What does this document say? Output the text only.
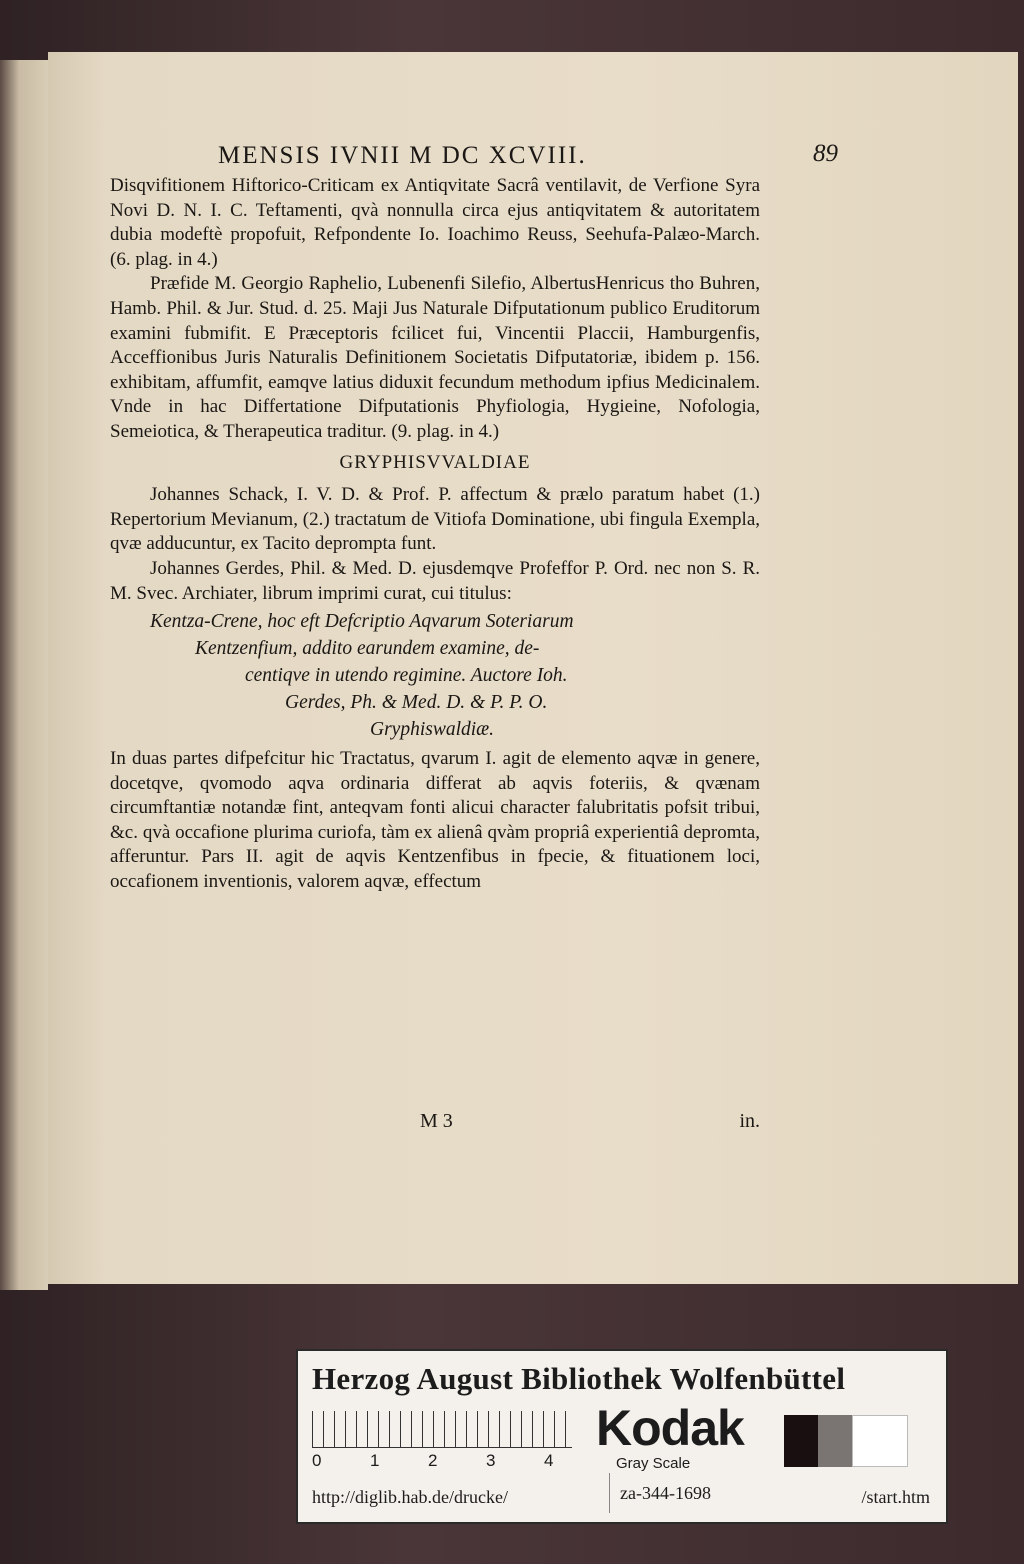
MENSIS IVNII M DC XCVIII.	89

Disqvifitionem Hiftorico-Criticam ex Antiqvitate Sacrâ ventilavit, de Verfione Syra Novi D. N. I. C. Teftamenti, qvà nonnulla circa ejus antiqvitatem & autoritatem dubia modeftè propofuit, Refpondente Io. Ioachimo Reuss, Seehufa-Palæo-March. (6. plag. in 4.)

Præfide M. Georgio Raphelio, Lubenenfi Silefio, AlbertusHenricus tho Buhren, Hamb. Phil. & Jur. Stud. d. 25. Maji Jus Naturale Difputationum publico Eruditorum examini fubmifit. E Præceptoris fcilicet fui, Vincentii Placcii, Hamburgenfis, Acceffionibus Juris Naturalis Definitionem Societatis Difputatoriæ, ibidem p. 156. exhibitam, affumfit, eamqve latius diduxit fecundum methodum ipfius Medicinalem. Vnde in hac Differtatione Difputationis Phyfiologia, Hygieine, Nofologia, Semeiotica, & Therapeutica traditur. (9. plag. in 4.)

GRYPHISVVALDIAE

Johannes Schack, I. V. D. & Prof. P. affectum & prælo paratum habet (1.) Repertorium Mevianum, (2.) tractatum de Vitiofa Dominatione, ubi fingula Exempla, qvæ adducuntur, ex Tacito deprompta funt.

Johannes Gerdes, Phil. & Med. D. ejusdemqve Profeffor P. Ord. nec non S. R. M. Svec. Archiater, librum imprimi curat, cui titulus:

Kentza-Crene, hoc eft Defcriptio Aqvarum Soteriarum
Kentzenfium, addito earundem examine, de-
centiqve in utendo regimine. Auctore Ioh.
Gerdes, Ph. & Med. D. & P. P. O.
Gryphiswaldiæ.

In duas partes difpefcitur hic Tractatus, qvarum I. agit de elemento aqvæ in genere, docetqve, qvomodo aqva ordinaria differat ab aqvis foteriis, & qvænam circumftantiæ notandæ fint, anteqvam fonti alicui character falubritatis pofsit tribui, &c. qvà occafione plurima curiofa, tàm ex alienâ qvàm propriâ experientiâ depromta, afferuntur. Pars II. agit de aqvis Kentzenfibus in fpecie, & fituationem loci, occafionem inventionis, valorem aqvæ, effectum

M 3	in.
Herzog August Bibliothek Wolfenbüttel
0	1	2	3	4
Kodak
Gray Scale
http://diglib.hab.de/drucke/	za-344-1698	/start.htm
